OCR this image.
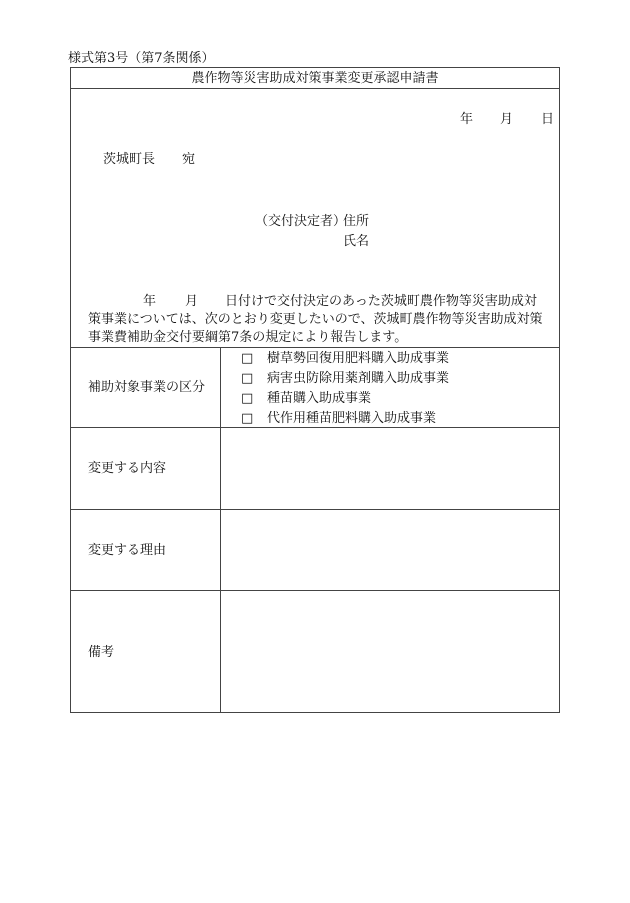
様式第3号（第7条関係）
農作物等災害助成対策事業変更承認申請書
年 月 日
茨城町長 宛
（交付決定者）
住所
氏名
年 月 日付けで交付決定のあった茨城町農作物等災害助成対
策事業については、次のとおり変更したいので、茨城町農作物等災害助成対策
事業費補助金交付要綱第7条の規定により報告します。
補助対象事業の区分
□ 樹草勢回復用肥料購入助成事業
□ 病害虫防除用薬剤購入助成事業
□ 種苗購入助成事業
□ 代作用種苗肥料購入助成事業
変更する内容
変更する理由
備考
